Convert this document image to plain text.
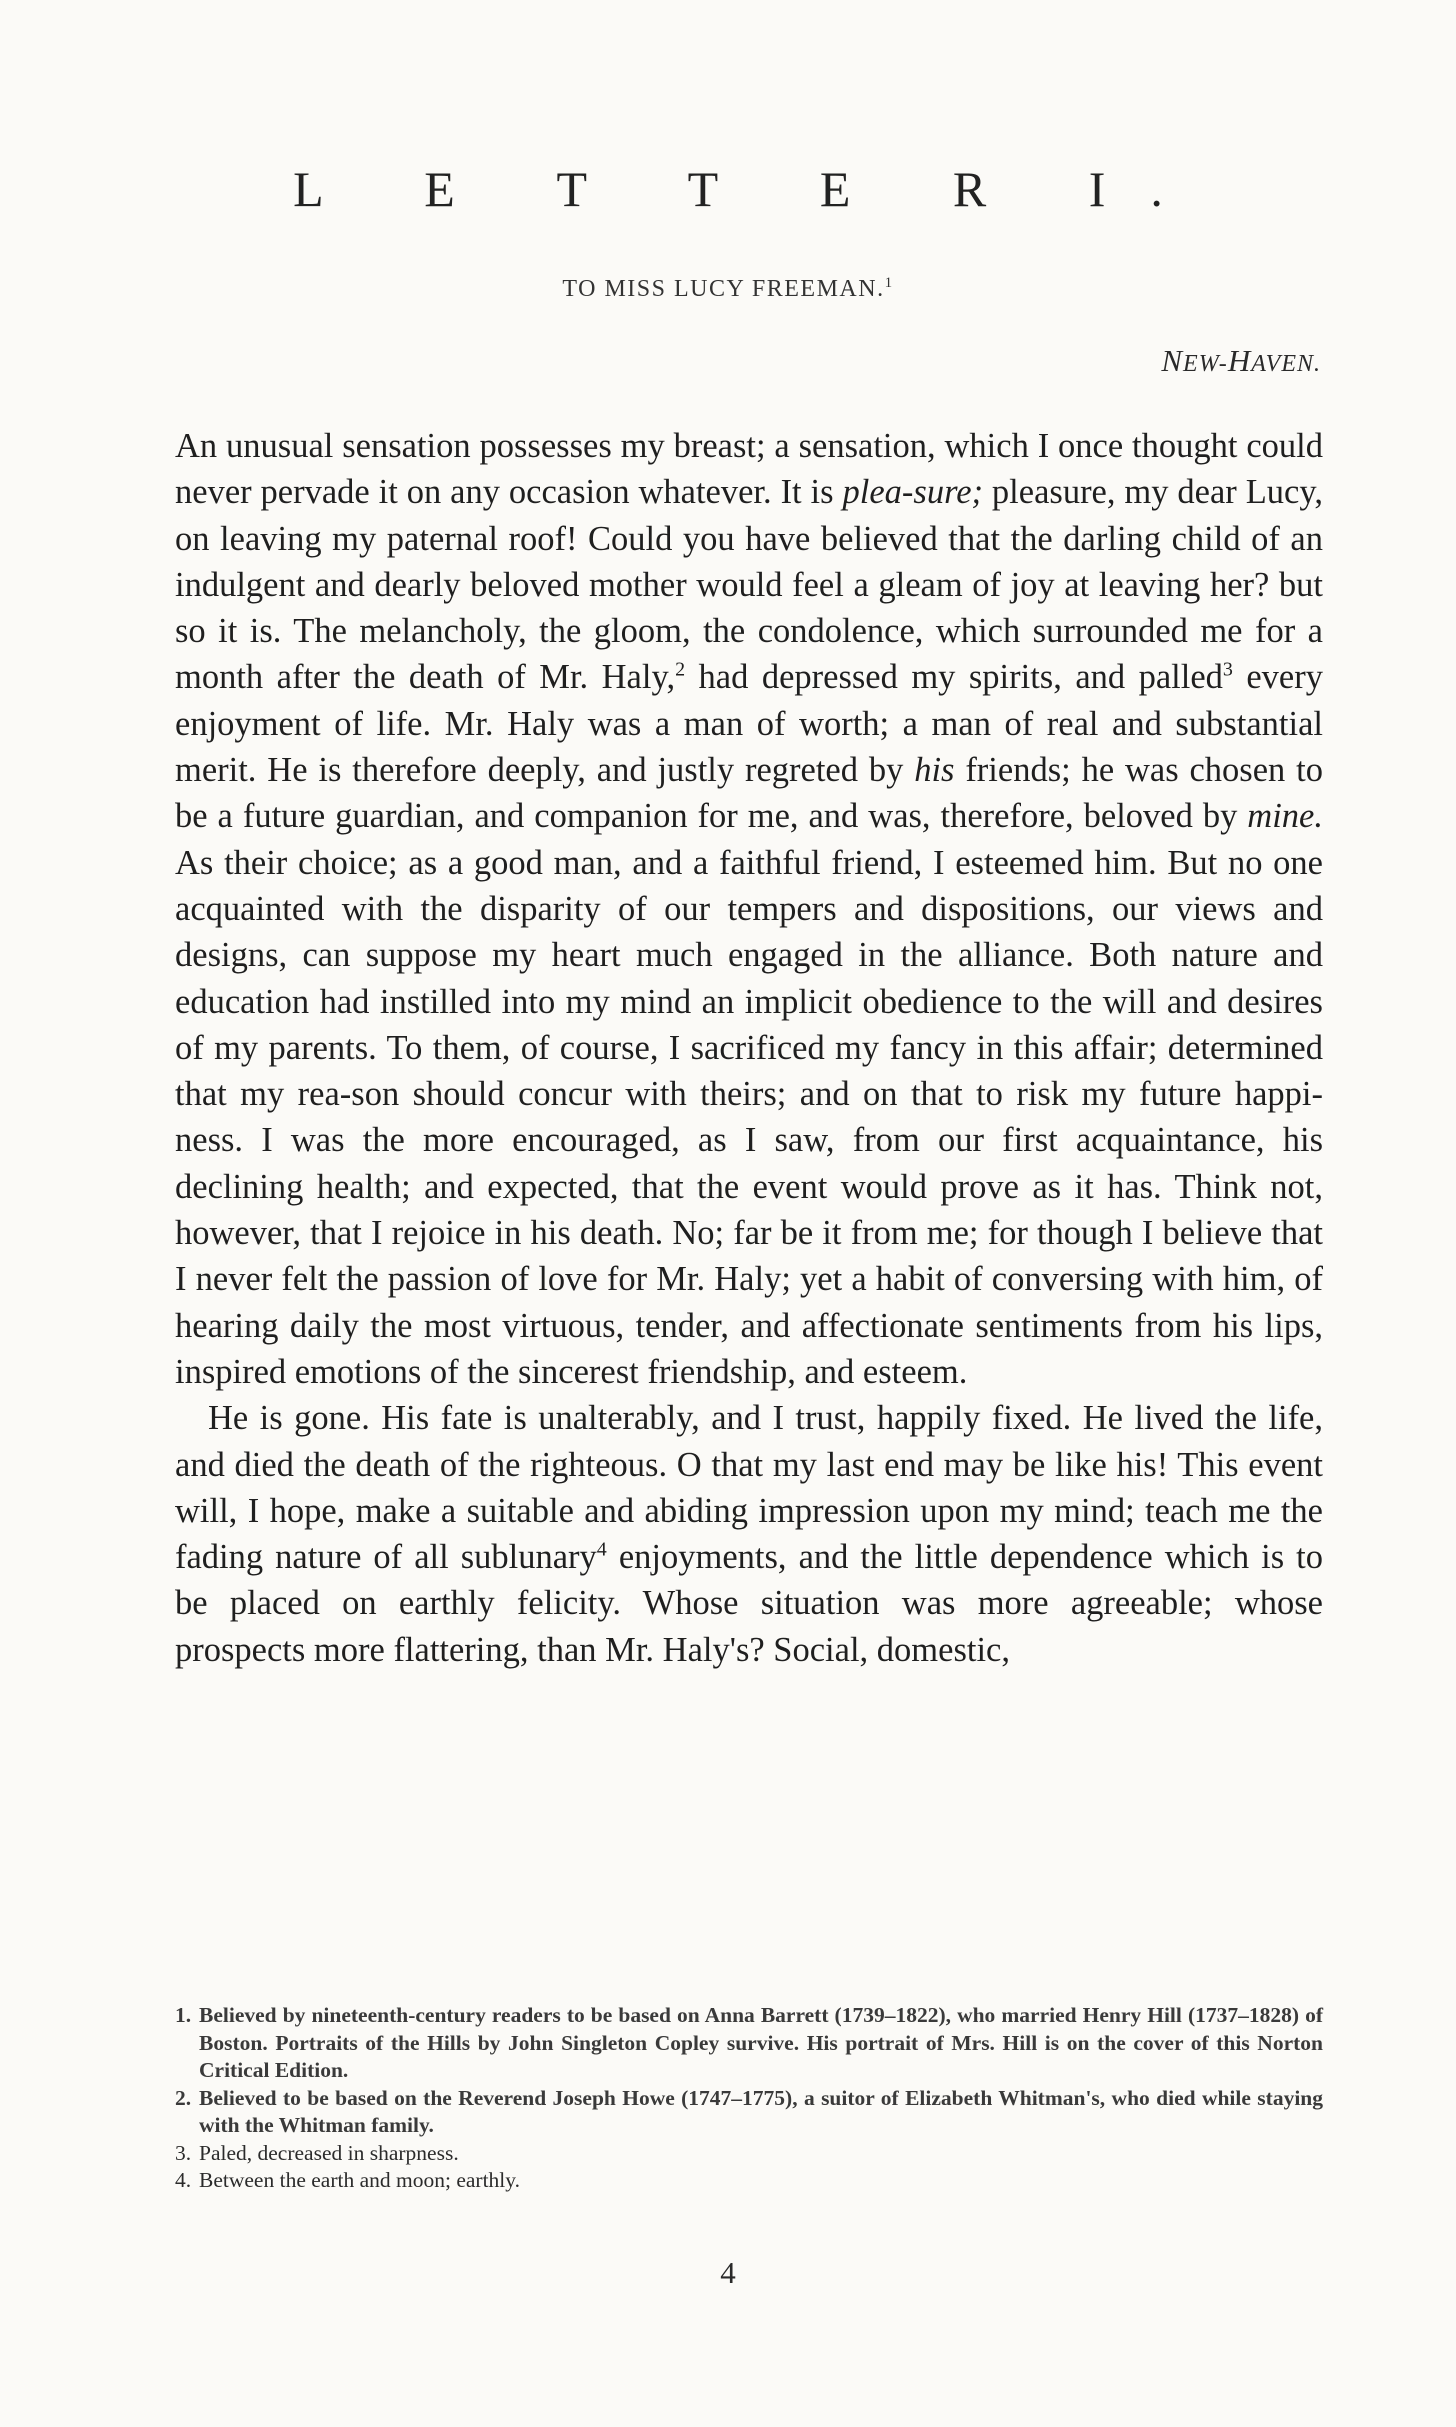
L E T T E R I.
TO MISS LUCY FREEMAN.$^1$
NEW-HAVEN.

An unusual sensation possesses my breast; a sensation, which I once thought could never pervade it on any occasion whatever. It is plea-sure; pleasure, my dear Lucy, on leaving my paternal roof! Could you have believed that the darling child of an indulgent and dearly beloved mother would feel a gleam of joy at leaving her? but so it is. The melancholy, the gloom, the condolence, which surrounded me for a month after the death of Mr. Haly,$^2$ had depressed my spirits, and palled$^3$ every enjoyment of life. Mr. Haly was a man of worth; a man of real and substantial merit. He is therefore deeply, and justly regreted by his friends; he was chosen to be a future guardian, and companion for me, and was, therefore, beloved by mine. As their choice; as a good man, and a faithful friend, I esteemed him. But no one acquainted with the disparity of our tempers and dispositions, our views and designs, can suppose my heart much engaged in the alliance. Both nature and education had instilled into my mind an implicit obedience to the will and desires of my parents. To them, of course, I sacrificed my fancy in this affair; determined that my rea-son should concur with theirs; and on that to risk my future happi-ness. I was the more encouraged, as I saw, from our first acquaintance, his declining health; and expected, that the event would prove as it has. Think not, however, that I rejoice in his death. No; far be it from me; for though I believe that I never felt the passion of love for Mr. Haly; yet a habit of conversing with him, of hearing daily the most virtuous, tender, and affectionate sentiments from his lips, inspired emotions of the sincerest friendship, and esteem.

He is gone. His fate is unalterably, and I trust, happily fixed. He lived the life, and died the death of the righteous. O that my last end may be like his! This event will, I hope, make a suitable and abiding impression upon my mind; teach me the fading nature of all sublunary$^4$ enjoyments, and the little dependence which is to be placed on earthly felicity. Whose situation was more agreeable; whose prospects more flattering, than Mr. Haly's? Social, domestic,

1. Believed by nineteenth-century readers to be based on Anna Barrett (1739–1822), who married Henry Hill (1737–1828) of Boston. Portraits of the Hills by John Singleton Copley survive. His portrait of Mrs. Hill is on the cover of this Norton Critical Edition.
2. Believed to be based on the Reverend Joseph Howe (1747–1775), a suitor of Elizabeth Whitman's, who died while staying with the Whitman family.
3. Paled, decreased in sharpness.
4. Between the earth and moon; earthly.
4
